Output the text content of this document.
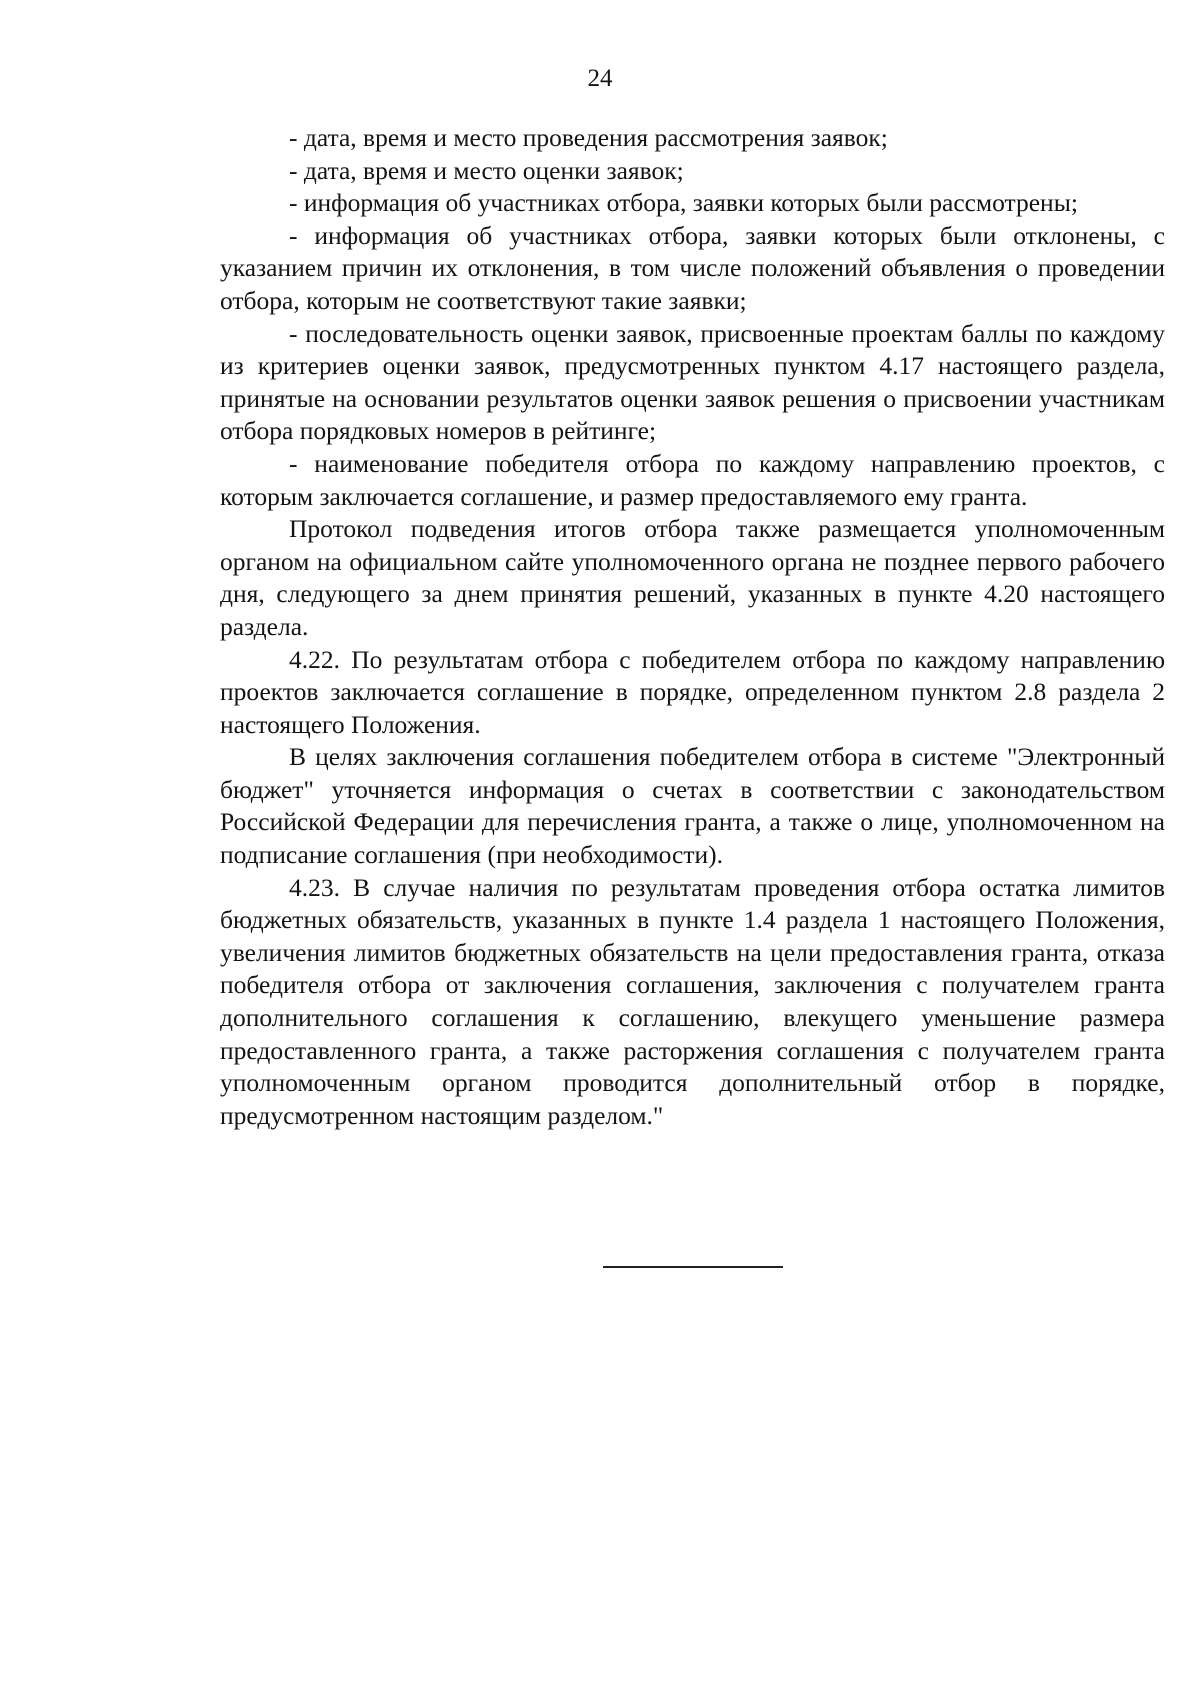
24

- дата, время и место проведения рассмотрения заявок;

- дата, время и место оценки заявок;

- информация об участниках отбора, заявки которых были рассмотрены;

- информация об участниках отбора, заявки которых были отклонены, с указанием причин их отклонения, в том числе положений объявления о проведении отбора, которым не соответствуют такие заявки;

- последовательность оценки заявок, присвоенные проектам баллы по каждому из критериев оценки заявок, предусмотренных пунктом 4.17 настоящего раздела, принятые на основании результатов оценки заявок решения о присвоении участникам отбора порядковых номеров в рейтинге;

- наименование победителя отбора по каждому направлению проектов, с которым заключается соглашение, и размер предоставляемого ему гранта.

Протокол подведения итогов отбора также размещается уполномоченным органом на официальном сайте уполномоченного органа не позднее первого рабочего дня, следующего за днем принятия решений, указанных в пункте 4.20 настоящего раздела.

4.22. По результатам отбора с победителем отбора по каждому направлению проектов заключается соглашение в порядке, определенном пунктом 2.8 раздела 2 настоящего Положения.

В целях заключения соглашения победителем отбора в системе "Электронный бюджет" уточняется информация о счетах в соответствии с законодательством Российской Федерации для перечисления гранта, а также о лице, уполномоченном на подписание соглашения (при необходимости).

4.23. В случае наличия по результатам проведения отбора остатка лимитов бюджетных обязательств, указанных в пункте 1.4 раздела 1 настоящего Положения, увеличения лимитов бюджетных обязательств на цели предоставления гранта, отказа победителя отбора от заключения соглашения, заключения с получателем гранта дополнительного соглашения к соглашению, влекущего уменьшение размера предоставленного гранта, а также расторжения соглашения с получателем гранта уполномоченным органом проводится дополнительный отбор в порядке, предусмотренном настоящим разделом."
